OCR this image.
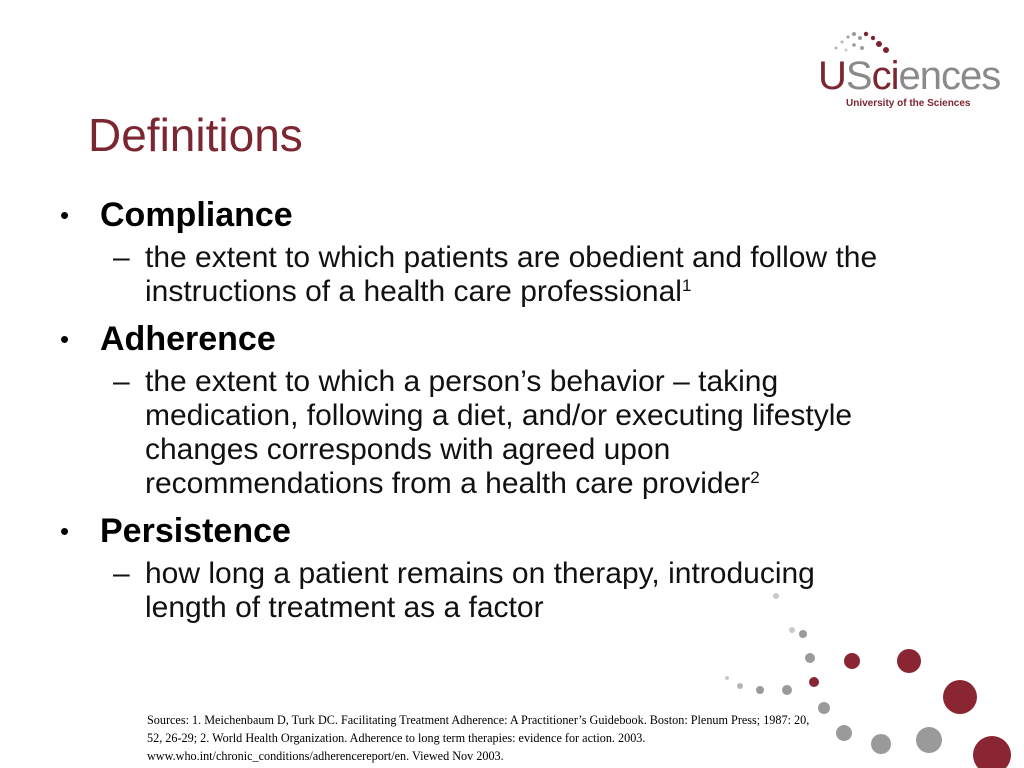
USciences
University of the Sciences
Definitions
• Compliance
– the extent to which patients are obedient and follow the instructions of a health care professional$^1$
• Adherence
– the extent to which a person’s behavior – taking medication, following a diet, and/or executing lifestyle changes corresponds with agreed upon recommendations from a health care provider$^2$
• Persistence
– how long a patient remains on therapy, introducing length of treatment as a factor
Sources: 1. Meichenbaum D, Turk DC. Facilitating Treatment Adherence: A Practitioner’s Guidebook. Boston: Plenum Press; 1987: 20, 52, 26-29; 2. World Health Organization. Adherence to long term therapies: evidence for action. 2003. www.who.int/chronic_conditions/adherencereport/en. Viewed Nov 2003.
